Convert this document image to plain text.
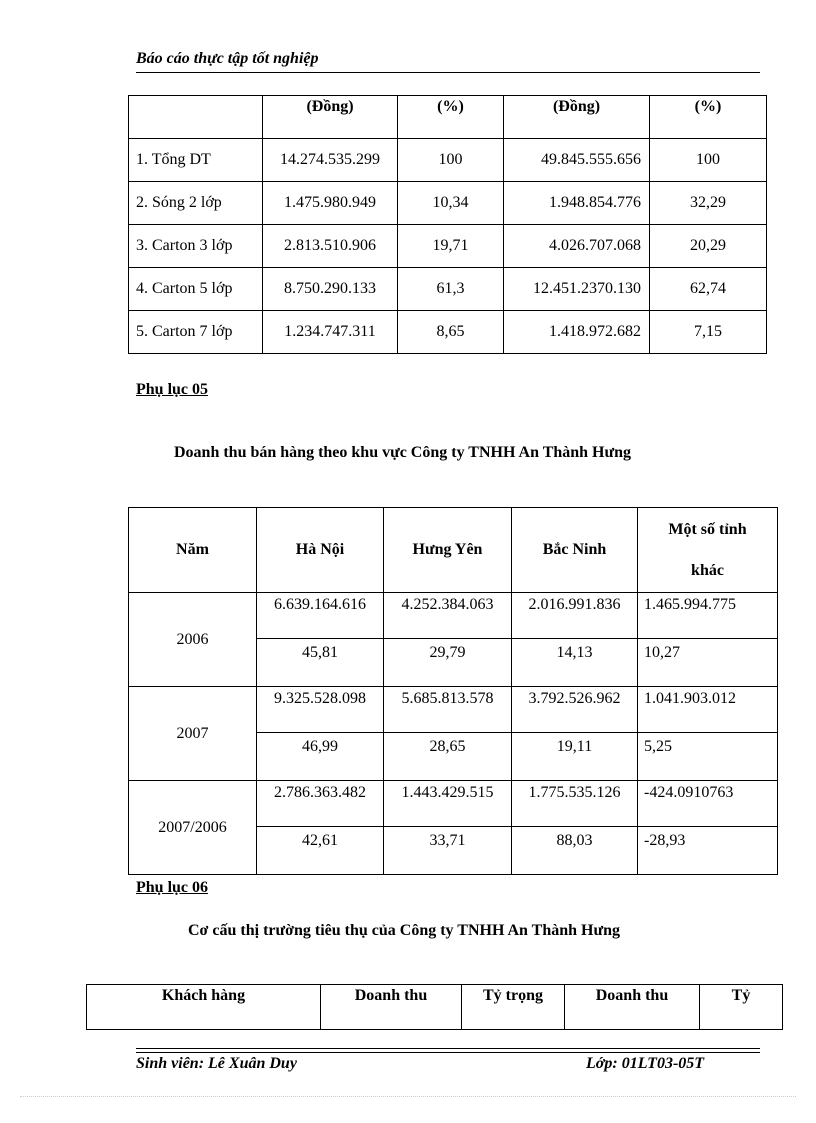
Báo cáo thực tập tốt nghiệp
	(Đồng)	(%)	(Đồng)	(%)
1. Tổng DT	14.274.535.299	100	49.845.555.656	100
2. Sóng 2 lớp	1.475.980.949	10,34	1.948.854.776	32,29
3. Carton 3 lớp	2.813.510.906	19,71	4.026.707.068	20,29
4. Carton 5 lớp	8.750.290.133	61,3	12.451.2370.130	62,74
5. Carton 7 lớp	1.234.747.311	8,65	1.418.972.682	7,15
Phụ lục 05
Doanh thu bán hàng theo khu vực Công ty TNHH An Thành Hưng
Năm	Hà Nội	Hưng Yên	Bắc Ninh	Một số tỉnh
khác
2006	6.639.164.616	4.252.384.063	2.016.991.836	1.465.994.775
	45,81	29,79	14,13	10,27
2007	9.325.528.098	5.685.813.578	3.792.526.962	1.041.903.012
	46,99	28,65	19,11	5,25
2007/2006	2.786.363.482	1.443.429.515	1.775.535.126	-424.0910763
	42,61	33,71	88,03	-28,93
Phụ lục 06
Cơ cấu thị trường tiêu thụ của Công ty TNHH An Thành Hưng
Khách hàng	Doanh thu	Tỷ trọng	Doanh thu	Tỷ
Sinh viên: Lê Xuân Duy	Lớp: 01LT03-05T
